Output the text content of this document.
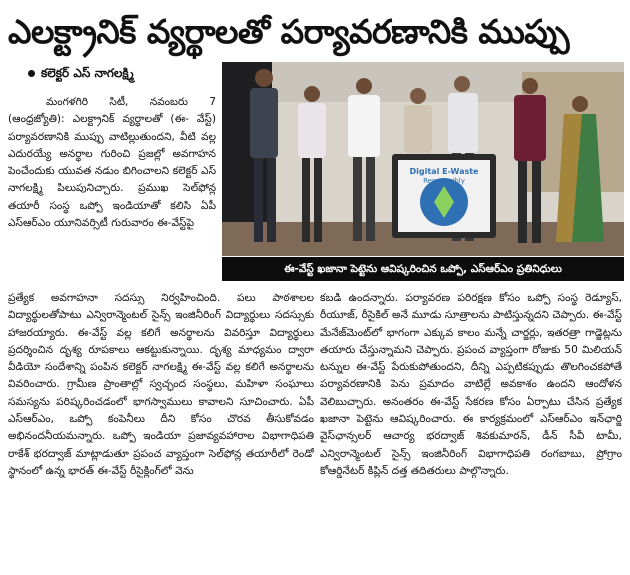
ఎలక్ట్రానిక్ వ్యర్థాలతో పర్యావరణానికి ముప్పు
కలెక్టర్ ఎస్ నాగలక్ష్మి

మంగళగిరి సిటీ, నవంబరు 7 (ఆంధ్రజ్యోతి): ఎలక్ట్రానిక్ వ్యర్థాలతో (ఈ- వేస్ట్) పర్యావరణానికి ముప్పు వాటిల్లుతుందని, వీటి వల్ల ఎదురయ్యే అనర్థాల గురించి ప్రజల్లో అవగాహన పెంచేందుకు యువత నడుం బిగించాలని కలెక్టర్ ఎస్ నాగలక్ష్మి పిలుపునిచ్చారు. ప్రముఖ సెల్‌ఫోన్ల తయారీ సంస్థ ఒప్పో ఇండియాతో కలిసి ఏపీ ఎస్ఆర్ఎం యూనివర్సిటీ గురువారం ఈ-వేస్ట్‌పై

Digital E-Waste
Responsibly
ఈ-వేస్ట్ ఖజానా పెట్టెను ఆవిష్కరించిన ఒప్పో, ఎస్ఆర్ఎం ప్రతినిధులు

ప్రత్యేక అవగాహనా సదస్సు నిర్వహించింది. పలు పాఠశాలల విద్యార్థులతోపాటు ఎన్విరాన్మెంటల్ సైన్స్ ఇంజినీరింగ్ విద్యార్థులు సదస్సుకు హాజరయ్యారు. ఈ-వేస్ట్ వల్ల కలిగే అనర్థాలను వివరిస్తూ విద్యార్థులు ప్రదర్శించిన దృశ్య రూపకాలు ఆకట్టుకున్నాయి. దృశ్య మాధ్యమం ద్వారా వీడియో సందేశాన్ని పంపిన కలెక్టర్ నాగలక్ష్మి ఈ-వేస్ట్ వల్ల కలిగే అనర్థాలను వివరించారు. గ్రామీణ ప్రాంతాల్లో స్వచ్ఛంద సంస్థలు, మహిళా సంఘాలు సమస్యను పరిష్కరించడంలో భాగస్వాములు కావాలని సూచించారు. ఏపీ ఎస్ఆర్ఎం, ఒప్పో కంపెనీలు దీని కోసం చొరవ తీసుకోవడం అభినందనీయమన్నారు. ఒప్పో ఇండియా ప్రజావ్యవహారాల విభాగాధిపతి రాకేశ్ భరద్వాజ్ మాట్లాడుతూ ప్రపంచ వ్యాప్తంగా సెల్‌ఫోన్ల తయారీలో రెండో స్థానంలో ఉన్న భారత్ ఈ-వేస్ట్ రీసైక్లింగ్‌లో వెను

కబడి ఉందన్నారు. పర్యావరణ పరిరక్షణ కోసం ఒప్పో సంస్థ రెడ్యూస్, రీయూజ్, రీసైకిల్ అనే మూడు సూత్రాలను పాటిస్తున్నదని చెప్పారు. ఈ-వేస్ట్ మేనేజ్‌మెంట్‌లో భాగంగా ఎక్కువ కాలం మన్నే చార్జర్లు, ఇతరత్రా గాడ్జెట్లను తయారు చేస్తున్నామని చెప్పారు. ప్రపంచ వ్యాప్తంగా రోజుకు 50 మిలియన్ టన్నుల ఈ-వేస్ట్ పేరుకుపోతుందని, దీన్ని ఎప్పటికప్పుడు తొలగించకపోతే పర్యావరణానికి పెను ప్రమాదం వాటిల్లే అవకాశం ఉందని ఆందోళన వెలిబుచ్చారు. అనంతరం ఈ-వేస్ట్ సేకరణ కోసం ఏర్పాటు చేసిన ప్రత్యేక ఖజానా పెట్టెను ఆవిష్కరించారు. ఈ కార్యక్రమంలో ఎస్ఆర్ఎం ఇన్‌ఛార్జి వైస్‌ఛాన్సలర్ ఆచార్య భరద్వాజ్ శివకుమారన్, డీన్ సీవీ టామీ, ఎన్విరాన్మెంటల్ సైన్స్ ఇంజినీరింగ్ విభాగాధిపతి రంగబాబు, ప్రోగ్రాం కోఆర్డినేటర్ కిప్లిన్ దత్త తదితరులు పాల్గొన్నారు.
